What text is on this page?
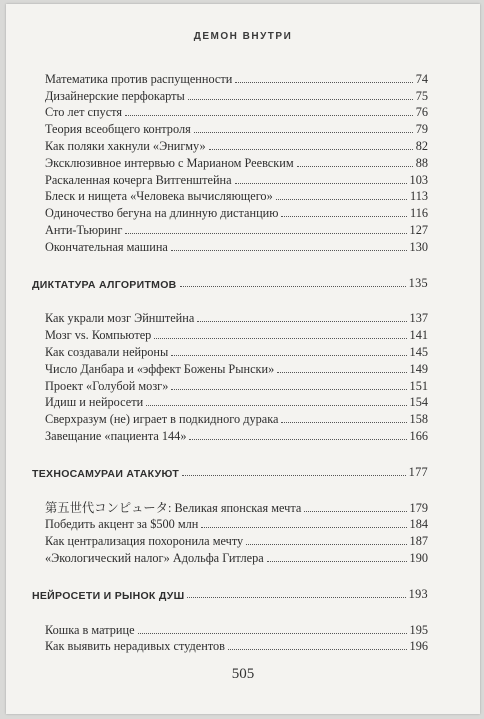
ДЕМОН ВНУТРИ
Математика против распущенности	74
Дизайнерские перфокарты	75
Сто лет спустя	76
Теория всеобщего контроля	79
Как поляки хакнули «Энигму»	82
Эксклюзивное интервью с Марианом Реевским	88
Раскаленная кочерга Витгенштейна	103
Блеск и нищета «Человека вычисляющего»	113
Одиночество бегуна на длинную дистанцию	116
Анти-Тьюринг	127
Окончательная машина	130
ДИКТАТУРА АЛГОРИТМОВ	135
Как украли мозг Эйнштейна	137
Мозг vs. Компьютер	141
Как создавали нейроны	145
Число Данбара и «эффект Божены Рынски»	149
Проект «Голубой мозг»	151
Идиш и нейросети	154
Сверхразум (не) играет в подкидного дурака	158
Завещание «пациента 144»	166
ТЕХНОСАМУРАИ АТАКУЮТ	177
第五世代コンピュータ: Великая японская мечта	179
Победить акцент за $500 млн	184
Как централизация похоронила мечту	187
«Экологический налог» Адольфа Гитлера	190
НЕЙРОСЕТИ И РЫНОК ДУШ	193
Кошка в матрице	195
Как выявить нерадивых студентов	196
505
